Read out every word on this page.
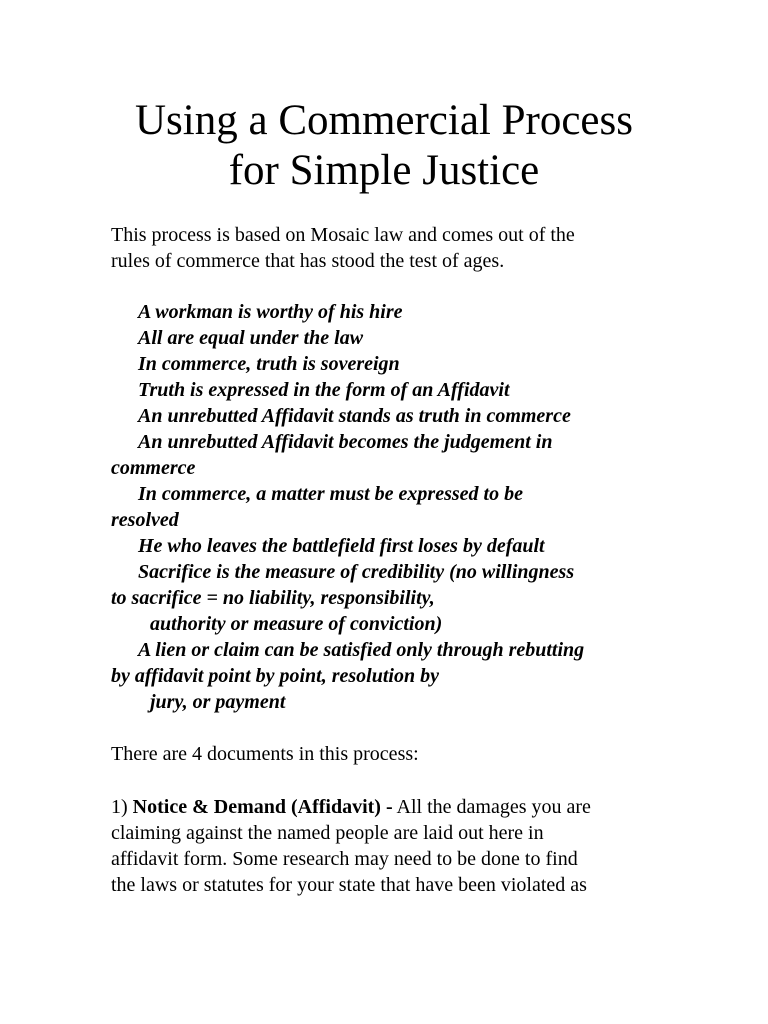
Using a Commercial Process
for Simple Justice
This process is based on Mosaic law and comes out of the
rules of commerce that has stood the test of ages.
A workman is worthy of his hire
All are equal under the law
In commerce, truth is sovereign
Truth is expressed in the form of an Affidavit
An unrebutted Affidavit stands as truth in commerce
An unrebutted Affidavit becomes the judgement in
commerce
In commerce, a matter must be expressed to be
resolved
He who leaves the battlefield first loses by default
Sacrifice is the measure of credibility (no willingness
to sacrifice = no liability, responsibility,
authority or measure of conviction)
A lien or claim can be satisfied only through rebutting
by affidavit point by point, resolution by
jury, or payment
There are 4 documents in this process:
1) Notice & Demand (Affidavit) - All the damages you are
claiming against the named people are laid out here in
affidavit form. Some research may need to be done to find
the laws or statutes for your state that have been violated as
